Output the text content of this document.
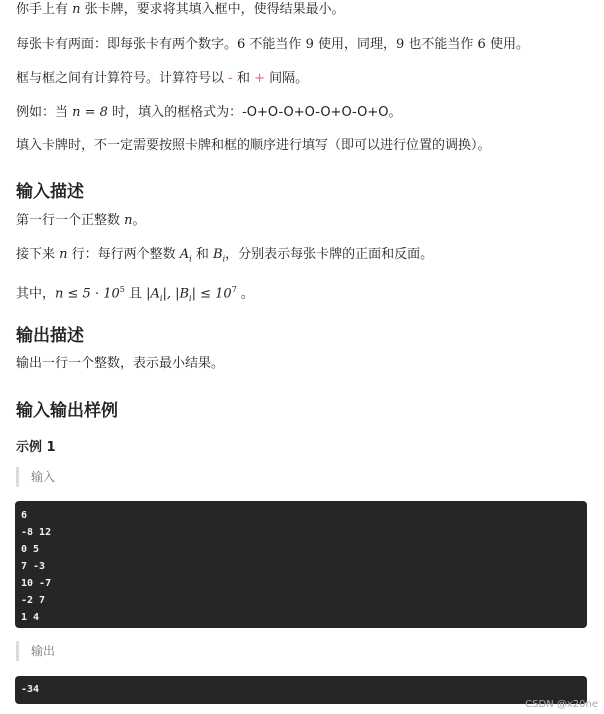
你手上有 n 张卡牌，要求将其填入框中，使得结果最小。
每张卡有两面：即每张卡有两个数字。6 不能当作 9 使用，同理，9 也不能当作 6 使用。
框与框之间有计算符号。计算符号以 - 和 + 间隔。
例如：当 n = 8 时，填入的框格式为：-O+O-O+O-O+O-O+O。
填入卡牌时，不一定需要按照卡牌和框的顺序进行填写（即可以进行位置的调换）。
输入描述
第一行一个正整数 n。
接下来 n 行：每行两个整数 $A_i$ 和 $B_i$，分别表示每张卡牌的正面和反面。
其中，$n \le 5 \cdot 10^5$ 且 $|A_i|$, $|B_i| \le 10^7$ 。
输出描述
输出一行一个整数，表示最小结果。
输入输出样例
示例 1
输入
6
-8 12
0 5
7 -3
10 -7
-2 7
1 4
输出
-34
CSDN @x20ne
